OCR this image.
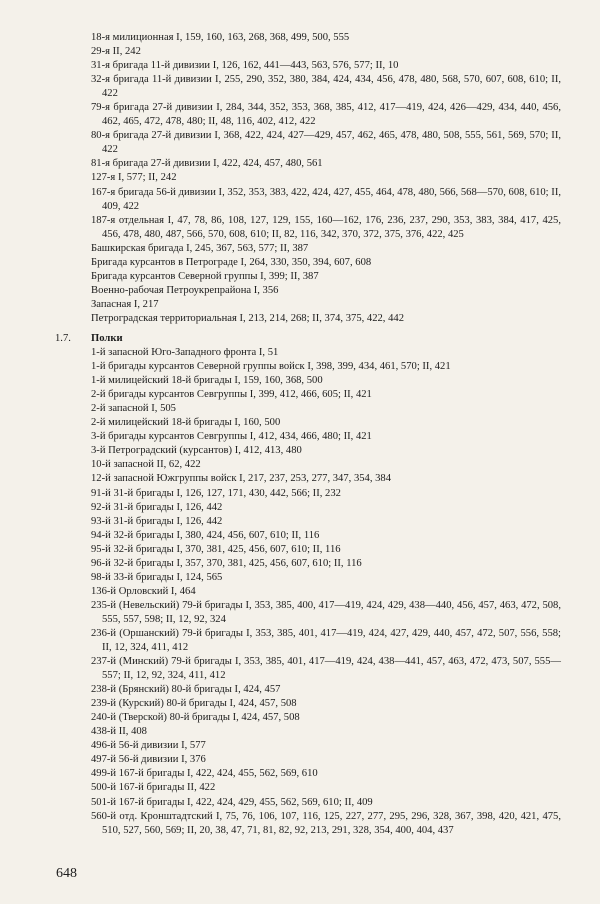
18-я милиционная I, 159, 160, 163, 268, 368, 499, 500, 555
29-я II, 242
31-я бригада 11-й дивизии I, 126, 162, 441—443, 563, 576, 577; II, 10
32-я бригада 11-й дивизии I, 255, 290, 352, 380, 384, 424, 434, 456, 478, 480, 568, 570, 607, 608, 610; II, 422
79-я бригада 27-й дивизии I, 284, 344, 352, 353, 368, 385, 412, 417—419, 424, 426—429, 434, 440, 456, 462, 465, 472, 478, 480; II, 48, 116, 402, 412, 422
80-я бригада 27-й дивизии I, 368, 422, 424, 427—429, 457, 462, 465, 478, 480, 508, 555, 561, 569, 570; II, 422
81-я бригада 27-й дивизии I, 422, 424, 457, 480, 561
127-я I, 577; II, 242
167-я бригада 56-й дивизии I, 352, 353, 383, 422, 424, 427, 455, 464, 478, 480, 566, 568—570, 608, 610; II, 409, 422
187-я отдельная I, 47, 78, 86, 108, 127, 129, 155, 160—162, 176, 236, 237, 290, 353, 383, 384, 417, 425, 456, 478, 480, 487, 566, 570, 608, 610; II, 82, 116, 342, 370, 372, 375, 376, 422, 425
Башкирская бригада I, 245, 367, 563, 577; II, 387
Бригада курсантов в Петрограде I, 264, 330, 350, 394, 607, 608
Бригада курсантов Северной группы I, 399; II, 387
Военно-рабочая Петроукрепрайона I, 356
Запасная I, 217
Петроградская территориальная I, 213, 214, 268; II, 374, 375, 422, 442
1.7. Полки
1-й запасной Юго-Западного фронта I, 51
1-й бригады курсантов Северной группы войск I, 398, 399, 434, 461, 570; II, 421
1-й милицейский 18-й бригады I, 159, 160, 368, 500
2-й бригады курсантов Севгруппы I, 399, 412, 466, 605; II, 421
2-й запасной I, 505
2-й милицейский 18-й бригады I, 160, 500
3-й бригады курсантов Севгруппы I, 412, 434, 466, 480; II, 421
3-й Петроградский (курсантов) I, 412, 413, 480
10-й запасной II, 62, 422
12-й запасной Южгруппы войск I, 217, 237, 253, 277, 347, 354, 384
91-й 31-й бригады I, 126, 127, 171, 430, 442, 566; II, 232
92-й 31-й бригады I, 126, 442
93-й 31-й бригады I, 126, 442
94-й 32-й бригады I, 380, 424, 456, 607, 610; II, 116
95-й 32-й бригады I, 370, 381, 425, 456, 607, 610; II, 116
96-й 32-й бригады I, 357, 370, 381, 425, 456, 607, 610; II, 116
98-й 33-й бригады I, 124, 565
136-й Орловский I, 464
235-й (Невельский) 79-й бригады I, 353, 385, 400, 417—419, 424, 429, 438—440, 456, 457, 463, 472, 508, 555, 557, 598; II, 12, 92, 324
236-й (Оршанский) 79-й бригады I, 353, 385, 401, 417—419, 424, 427, 429, 440, 457, 472, 507, 556, 558; II, 12, 324, 411, 412
237-й (Минский) 79-й бригады I, 353, 385, 401, 417—419, 424, 438—441, 457, 463, 472, 473, 507, 555—557; II, 12, 92, 324, 411, 412
238-й (Брянский) 80-й бригады I, 424, 457
239-й (Курский) 80-й бригады I, 424, 457, 508
240-й (Тверской) 80-й бригады I, 424, 457, 508
438-й II, 408
496-й 56-й дивизии I, 577
497-й 56-й дивизии I, 376
499-й 167-й бригады I, 422, 424, 455, 562, 569, 610
500-й 167-й бригады II, 422
501-й 167-й бригады I, 422, 424, 429, 455, 562, 569, 610; II, 409
560-й отд. Кронштадтский I, 75, 76, 106, 107, 116, 125, 227, 277, 295, 296, 328, 367, 398, 420, 421, 475, 510, 527, 560, 569; II, 20, 38, 47, 71, 81, 82, 92, 213, 291, 328, 354, 400, 404, 437
648
